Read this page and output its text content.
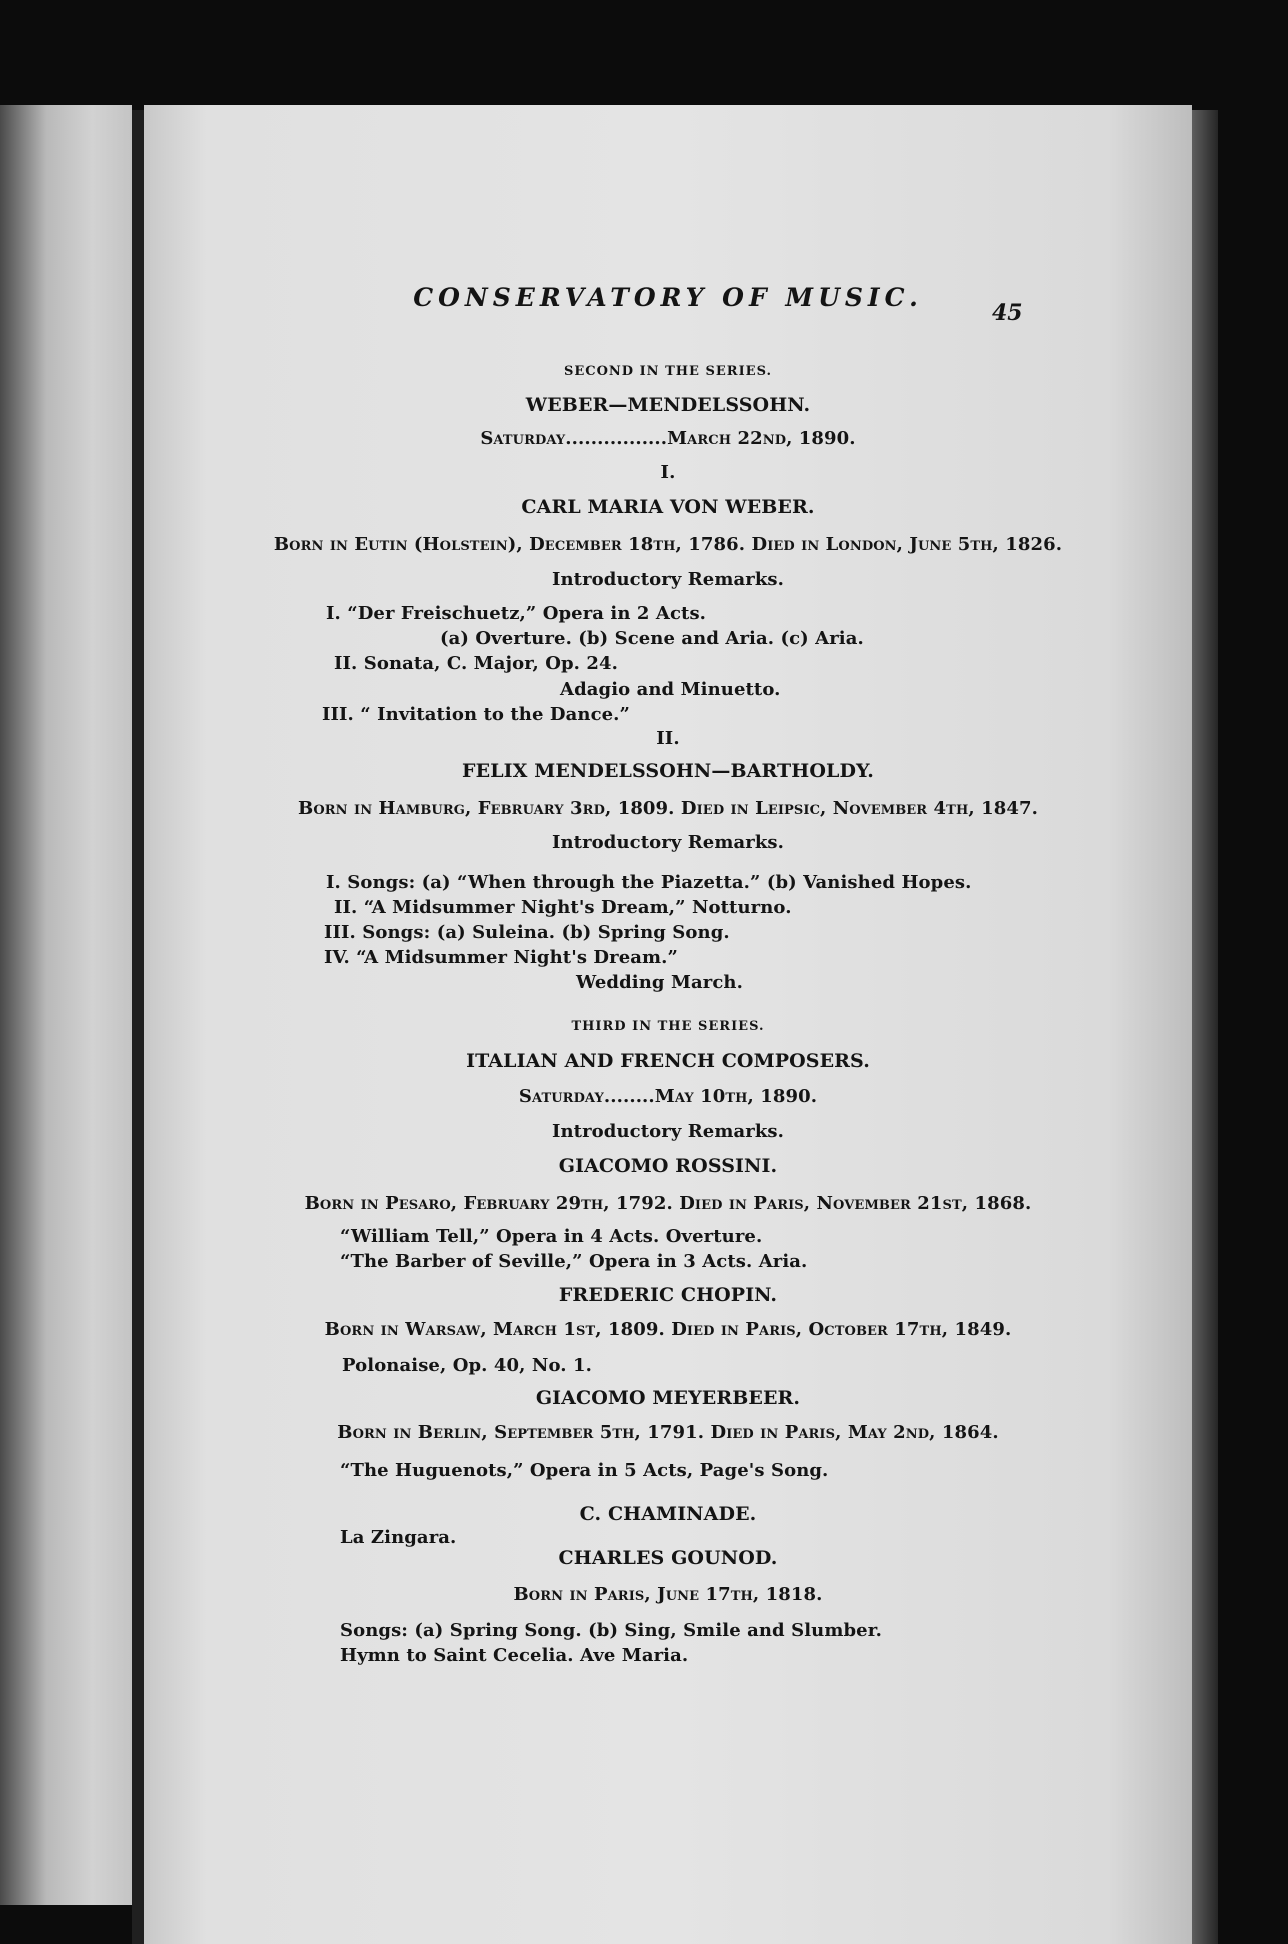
CONSERVATORY OF MUSIC.

45

SECOND IN THE SERIES.

WEBER—MENDELSSOHN.

Saturday................March 22nd, 1890.

I.

CARL MARIA VON WEBER.

Born in Eutin (Holstein), December 18th, 1786. Died in London, June 5th, 1826.

Introductory Remarks.

I. “Der Freischuetz,” Opera in 2 Acts.

(a) Overture. (b) Scene and Aria. (c) Aria.

II. Sonata, C. Major, Op. 24.

Adagio and Minuetto.

III. “ Invitation to the Dance.”

II.

FELIX MENDELSSOHN—BARTHOLDY.

Born in Hamburg, February 3rd, 1809. Died in Leipsic, November 4th, 1847.

Introductory Remarks.

I. Songs: (a) “When through the Piazetta.” (b) Vanished Hopes.

II. “A Midsummer Night's Dream,” Notturno.

III. Songs: (a) Suleina. (b) Spring Song.

IV. “A Midsummer Night's Dream.”

Wedding March.

THIRD IN THE SERIES.

ITALIAN AND FRENCH COMPOSERS.

Saturday........May 10th, 1890.

Introductory Remarks.

GIACOMO ROSSINI.

Born in Pesaro, February 29th, 1792. Died in Paris, November 21st, 1868.

“William Tell,” Opera in 4 Acts. Overture.

“The Barber of Seville,” Opera in 3 Acts. Aria.

FREDERIC CHOPIN.

Born in Warsaw, March 1st, 1809. Died in Paris, October 17th, 1849.

Polonaise, Op. 40, No. 1.

GIACOMO MEYERBEER.

Born in Berlin, September 5th, 1791. Died in Paris, May 2nd, 1864.

“The Huguenots,” Opera in 5 Acts, Page's Song.

C. CHAMINADE.

La Zingara.

CHARLES GOUNOD.

Born in Paris, June 17th, 1818.

Songs: (a) Spring Song. (b) Sing, Smile and Slumber.

Hymn to Saint Cecelia. Ave Maria.
